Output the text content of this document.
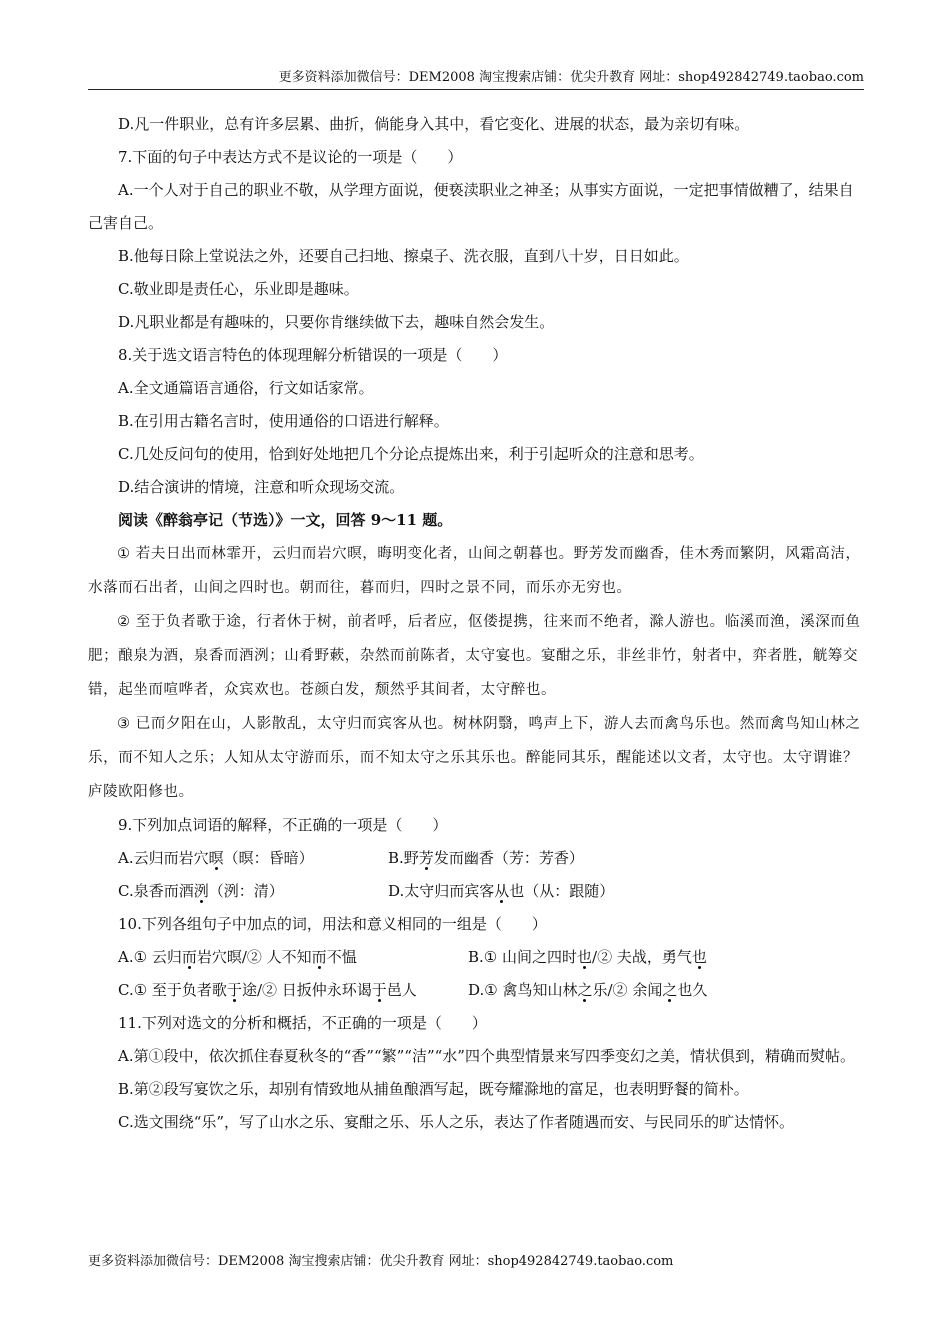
更多资料添加微信号：DEM2008 淘宝搜索店铺：优尖升教育 网址：shop492842749.taobao.com

D.凡一件职业，总有许多层累、曲折，倘能身入其中，看它变化、进展的状态，最为亲切有味。

7.下面的句子中表达方式不是议论的一项是（　　）

A.一个人对于自己的职业不敬，从学理方面说，便亵渎职业之神圣；从事实方面说，一定把事情做糟了，结果自己害自己。

B.他每日除上堂说法之外，还要自己扫地、擦桌子、洗衣服，直到八十岁，日日如此。

C.敬业即是责任心，乐业即是趣味。

D.凡职业都是有趣味的，只要你肯继续做下去，趣味自然会发生。

8.关于选文语言特色的体现理解分析错误的一项是（　　）

A.全文通篇语言通俗，行文如话家常。

B.在引用古籍名言时，使用通俗的口语进行解释。

C.几处反问句的使用，恰到好处地把几个分论点提炼出来，利于引起听众的注意和思考。

D.结合演讲的情境，注意和听众现场交流。

阅读《醉翁亭记（节选）》一文，回答 9～11 题。

① 若夫日出而林霏开，云归而岩穴暝，晦明变化者，山间之朝暮也。野芳发而幽香，佳木秀而繁阴，风霜高洁，水落而石出者，山间之四时也。朝而往，暮而归，四时之景不同，而乐亦无穷也。

② 至于负者歌于途，行者休于树，前者呼，后者应，伛偻提携，往来而不绝者，滁人游也。临溪而渔，溪深而鱼肥；酿泉为酒，泉香而酒洌；山肴野蔌，杂然而前陈者，太守宴也。宴酣之乐，非丝非竹，射者中，弈者胜，觥筹交错，起坐而喧哗者，众宾欢也。苍颜白发，颓然乎其间者，太守醉也。

③ 已而夕阳在山，人影散乱，太守归而宾客从也。树林阴翳，鸣声上下，游人去而禽鸟乐也。然而禽鸟知山林之乐，而不知人之乐；人知从太守游而乐，而不知太守之乐其乐也。醉能同其乐，醒能述以文者，太守也。太守谓谁？庐陵欧阳修也。

9.下列加点词语的解释，不正确的一项是（　　）

A.云归而岩穴暝（暝：昏暗）	B.野芳发而幽香（芳：芳香）
C.泉香而酒洌（洌：清）	D.太守归而宾客从也（从：跟随）

10.下列各组句子中加点的词，用法和意义相同的一组是（　　）

A.① 云归而岩穴暝/② 人不知而不愠	B.① 山间之四时也/② 夫战，勇气也
C.① 至于负者歌于途/② 日扳仲永环谒于邑人	D.① 禽鸟知山林之乐/② 余闻之也久

11.下列对选文的分析和概括，不正确的一项是（　　）

A.第①段中，依次抓住春夏秋冬的“香”“繁”“洁”“水”四个典型情景来写四季变幻之美，情状俱到，精确而熨帖。

B.第②段写宴饮之乐，却别有情致地从捕鱼酿酒写起，既夸耀滁地的富足，也表明野餐的简朴。

C.选文围绕“乐”，写了山水之乐、宴酣之乐、乐人之乐，表达了作者随遇而安、与民同乐的旷达情怀。

更多资料添加微信号：DEM2008 淘宝搜索店铺：优尖升教育 网址：shop492842749.taobao.com
